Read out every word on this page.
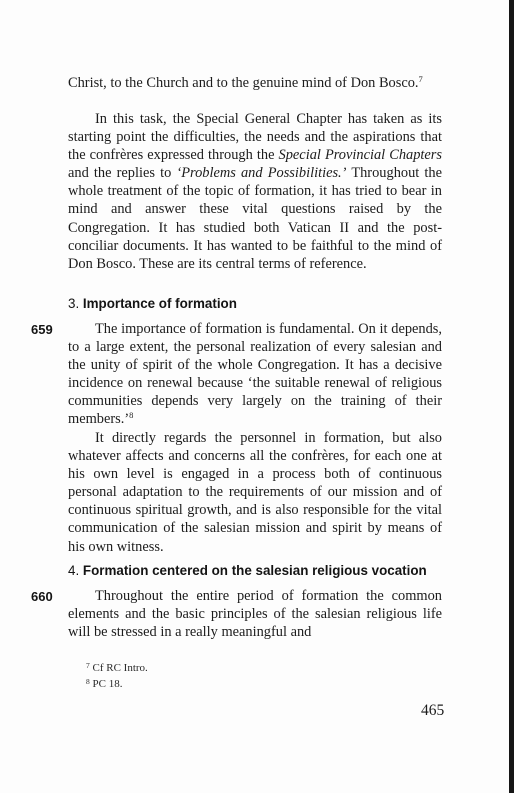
Christ, to the Church and to the genuine mind of Don Bosco.$^7$

In this task, the Special General Chapter has taken as its starting point the difficulties, the needs and the aspirations that the confrères expressed through the Special Provincial Chapters and the replies to ‘Problems and Possibilities.’ Throughout the whole treatment of the topic of formation, it has tried to bear in mind and answer these vital questions raised by the Congregation. It has studied both Vatican II and the post-conciliar documents. It has wanted to be faithful to the mind of Don Bosco. These are its central terms of reference.

3. Importance of formation
659	The importance of formation is fundamental. On it depends, to a large extent, the personal realization of every salesian and the unity of spirit of the whole Congregation. It has a decisive incidence on renewal because ‘the suitable renewal of religious communities depends very largely on the training of their members.’$^8$

It directly regards the personnel in formation, but also whatever affects and concerns all the confrères, for each one at his own level is engaged in a process both of continuous personal adaptation to the requirements of our mission and of continuous spiritual growth, and is also responsible for the vital communication of the salesian mission and spirit by means of his own witness.

4. Formation centered on the salesian religious vocation
660	Throughout the entire period of formation the common elements and the basic principles of the salesian religious life will be stressed in a really meaningful and

$^7$ Cf RC Intro.
$^8$ PC 18.
465
